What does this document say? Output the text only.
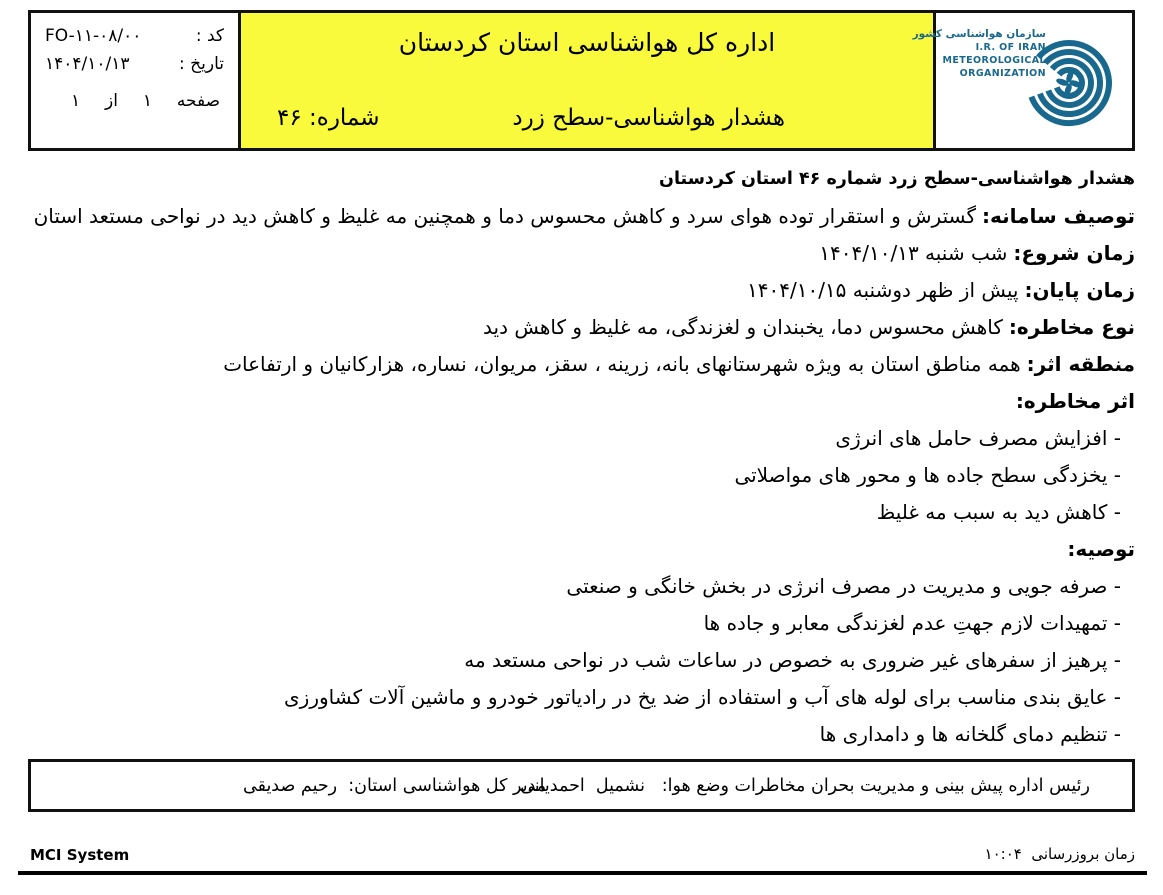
کد :
FO-۱۱-۰۸/۰۰
تاریخ :
۱۴۰۴/۱۰/۱۳
صفحه
۱
از
۱
اداره کل هواشناسی استان کردستان
هشدار هواشناسی-سطح زرد
شماره: ۴۶
سازمان هواشناسی کشور
I.R. OF IRAN
METEOROLOGICAL
ORGANIZATION
هشدار هواشناسی-سطح زرد شماره ۴۶ استان کردستان
توصیف سامانه:گسترش و استقرار توده هوای سرد و کاهش محسوس دما و همچنین مه غلیظ و کاهش دید در نواحی مستعد استان
زمان شروع:شب شنبه ۱۴۰۴/۱۰/۱۳
زمان پایان:پیش از ظهر دوشنبه ۱۴۰۴/۱۰/۱۵
نوع مخاطره:کاهش محسوس دما، یخبندان و لغزندگی، مه غلیظ و کاهش دید
منطقه اثر:همه مناطق استان به ویژه شهرستانهای بانه، زرینه ، سقز، مریوان، نساره، هزارکانیان و ارتفاعات
اثر مخاطره:
- افزایش مصرف حامل های انرژی
- یخزدگی سطح جاده ها و محور های مواصلاتی
- کاهش دید به سبب مه غلیظ
توصیه:
- صرفه جویی و مدیریت در مصرف انرژی در بخش خانگی و صنعتی
- تمهیدات لازم جهتِ عدم لغزندگی معابر و جاده ها
- پرهیز از سفرهای غیر ضروری به خصوص در ساعات شب در نواحی مستعد مه
- عایق بندی مناسب برای لوله های آب و استفاده از ضد یخ در رادیاتور خودرو و ماشین آلات کشاورزی
- تنظیم دمای گلخانه ها و دامداری ها
رئیس اداره پیش بینی و مدیریت بحران مخاطرات وضع هوا:   نشمیل  احمدیانی
مدیر کل هواشناسی استان:  رحیم صدیقی
MCI System	زمان بروزرسانی  ۱۰:۰۴
